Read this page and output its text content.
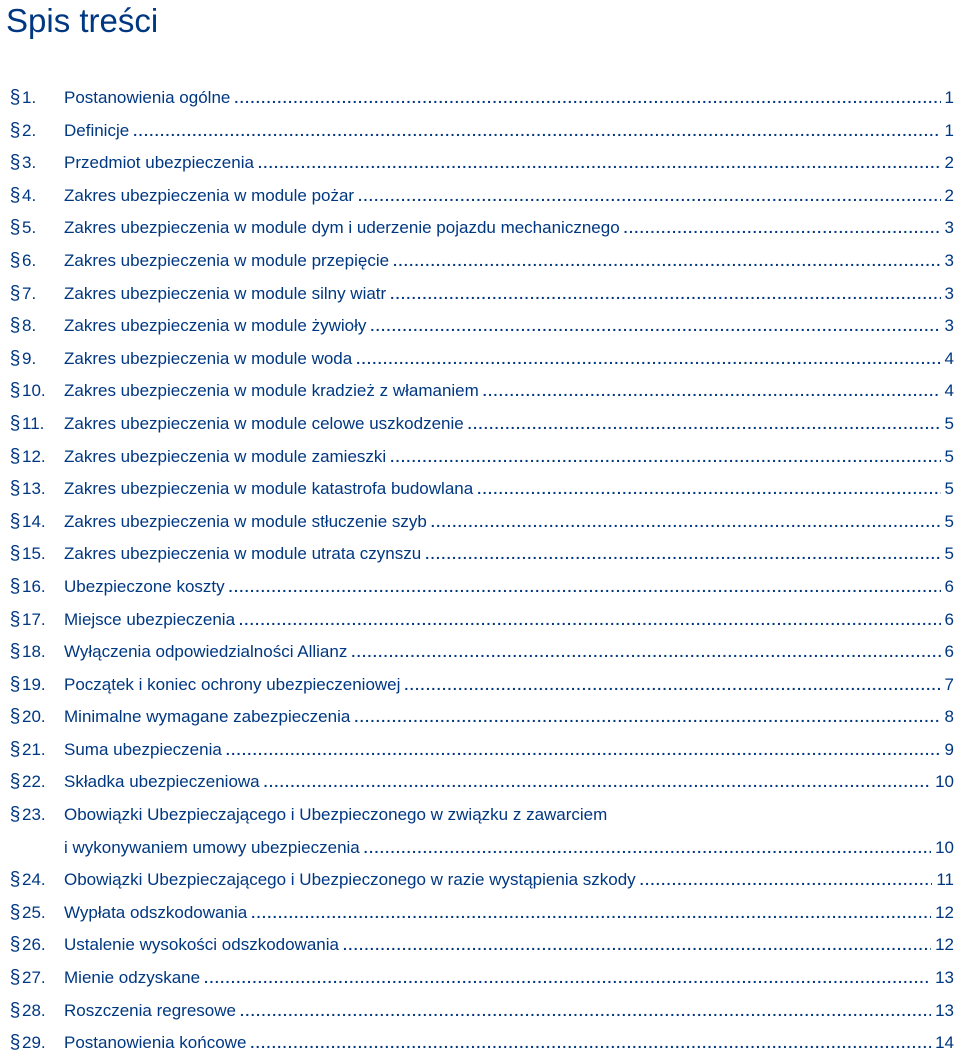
Spis treści
§ 1.	Postanowienia ogólne . . .	1
§ 2.	Definicje . . .	1
§ 3.	Przedmiot ubezpieczenia . . .	2
§ 4.	Zakres ubezpieczenia w module pożar . . .	2
§ 5.	Zakres ubezpieczenia w module dym i uderzenie pojazdu mechanicznego . . .	3
§ 6.	Zakres ubezpieczenia w module przepięcie . . .	3
§ 7.	Zakres ubezpieczenia w module silny wiatr . . .	3
§ 8.	Zakres ubezpieczenia w module żywioły . . .	3
§ 9.	Zakres ubezpieczenia w module woda . . .	4
§ 10.	Zakres ubezpieczenia w module kradzież z włamaniem . . .	4
§ 11.	Zakres ubezpieczenia w module celowe uszkodzenie . . .	5
§ 12.	Zakres ubezpieczenia w module zamieszki . . .	5
§ 13.	Zakres ubezpieczenia w module katastrofa budowlana . . .	5
§ 14.	Zakres ubezpieczenia w module stłuczenie szyb . . .	5
§ 15.	Zakres ubezpieczenia w module utrata czynszu . . .	5
§ 16.	Ubezpieczone koszty . . .	6
§ 17.	Miejsce ubezpieczenia . . .	6
§ 18.	Wyłączenia odpowiedzialności Allianz . . .	6
§ 19.	Początek i koniec ochrony ubezpieczeniowej . . .	7
§ 20.	Minimalne wymagane zabezpieczenia . . .	8
§ 21.	Suma ubezpieczenia . . .	9
§ 22.	Składka ubezpieczeniowa . . .	10
§ 23.	Obowiązki Ubezpieczającego i Ubezpieczonego w związku z zawarciem
i wykonywaniem umowy ubezpieczenia . . .	10
§ 24.	Obowiązki Ubezpieczającego i Ubezpieczonego w razie wystąpienia szkody . . .	11
§ 25.	Wypłata odszkodowania . . .	12
§ 26.	Ustalenie wysokości odszkodowania . . .	12
§ 27.	Mienie odzyskane . . .	13
§ 28.	Roszczenia regresowe . . .	13
§ 29.	Postanowienia końcowe . . .	14
